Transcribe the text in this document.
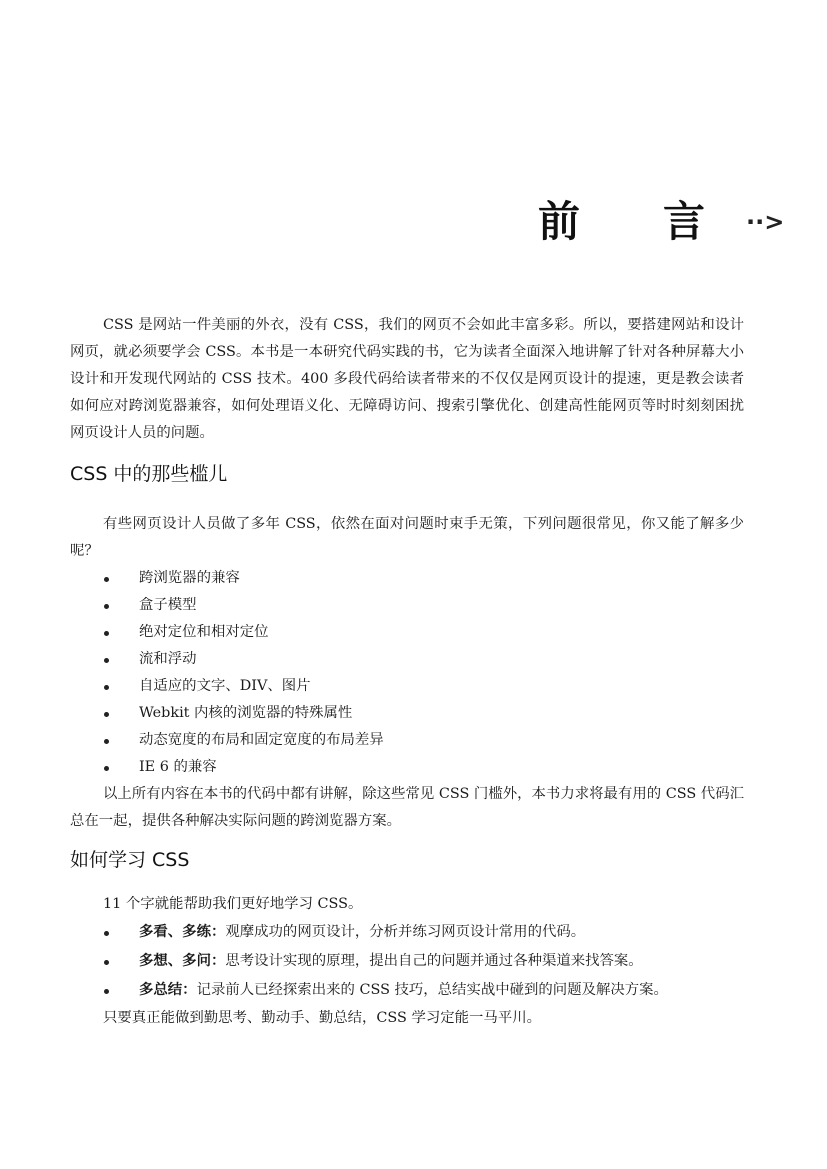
前 言 ··>

CSS 是网站一件美丽的外衣，没有 CSS，我们的网页不会如此丰富多彩。所以，要搭建网站和设计网页，就必须要学会 CSS。本书是一本研究代码实践的书，它为读者全面深入地讲解了针对各种屏幕大小设计和开发现代网站的 CSS 技术。400 多段代码给读者带来的不仅仅是网页设计的提速，更是教会读者如何应对跨浏览器兼容，如何处理语义化、无障碍访问、搜索引擎优化、创建高性能网页等时时刻刻困扰网页设计人员的问题。

CSS 中的那些槛儿

有些网页设计人员做了多年 CSS，依然在面对问题时束手无策，下列问题很常见，你又能了解多少呢？

跨浏览器的兼容
盒子模型
绝对定位和相对定位
流和浮动
自适应的文字、DIV、图片
Webkit 内核的浏览器的特殊属性
动态宽度的布局和固定宽度的布局差异
IE 6 的兼容

以上所有内容在本书的代码中都有讲解，除这些常见 CSS 门槛外，本书力求将最有用的 CSS 代码汇总在一起，提供各种解决实际问题的跨浏览器方案。

如何学习 CSS

11 个字就能帮助我们更好地学习 CSS。

多看、多练：观摩成功的网页设计，分析并练习网页设计常用的代码。
多想、多问：思考设计实现的原理，提出自己的问题并通过各种渠道来找答案。
多总结：记录前人已经探索出来的 CSS 技巧，总结实战中碰到的问题及解决方案。

只要真正能做到勤思考、勤动手、勤总结，CSS 学习定能一马平川。
